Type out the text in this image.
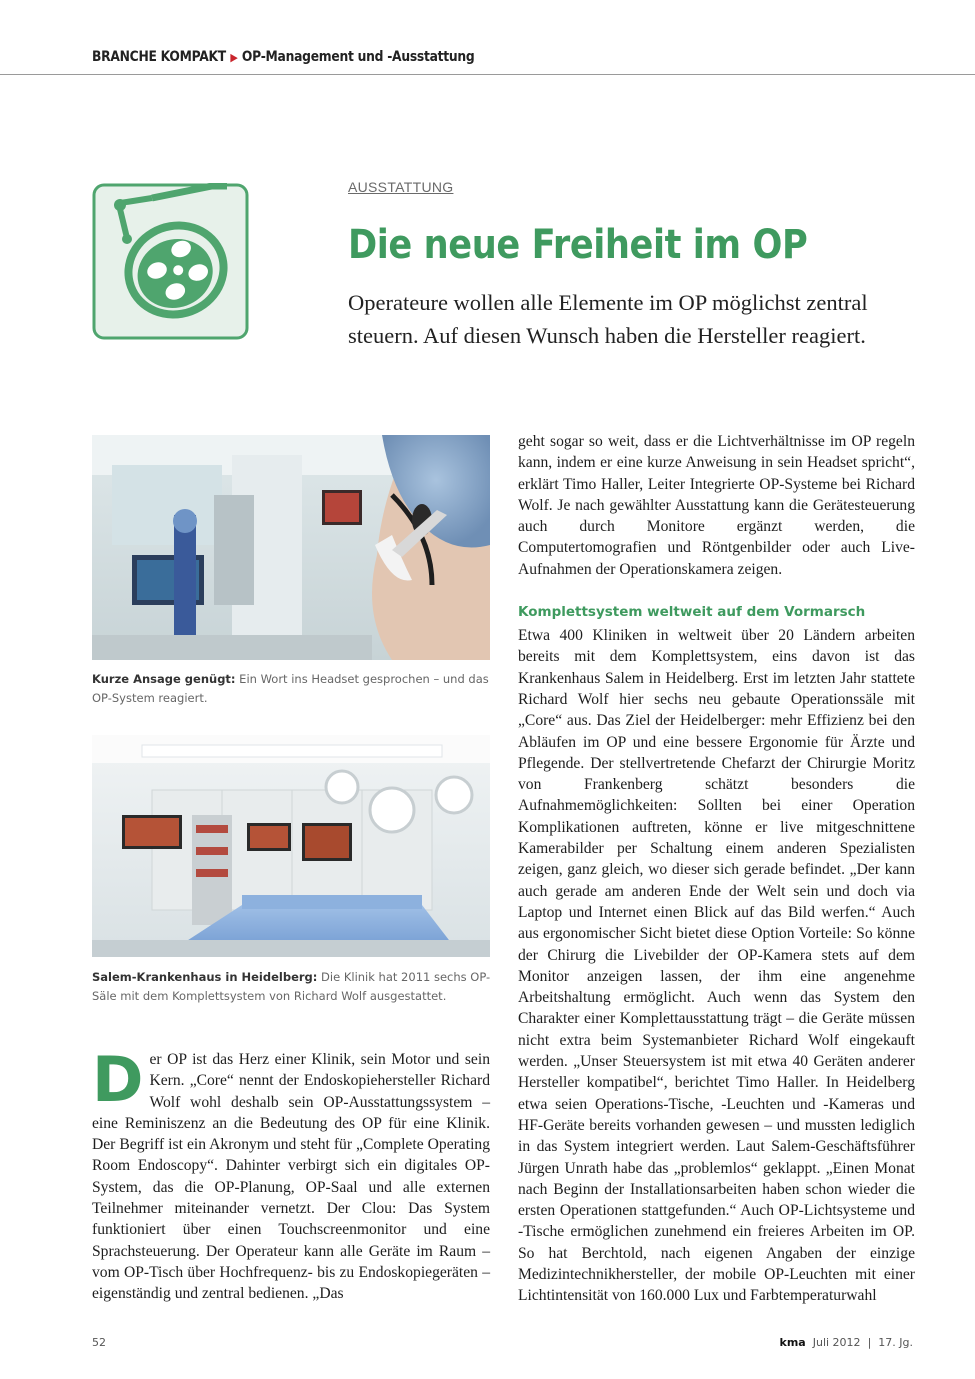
BRANCHE KOMPAKT ▶ OP-Management und -Ausstattung
AUSSTATTUNG
Die neue Freiheit im OP
Operateure wollen alle Elemente im OP möglichst zentral steuern. Auf diesen Wunsch haben die Hersteller reagiert.
Kurze Ansage genügt: Ein Wort ins Headset gesprochen – und das OP-System reagiert.
Salem-Krankenhaus in Heidelberg: Die Klinik hat 2011 sechs OP-Säle mit dem Komplettsystem von Richard Wolf ausgestattet.
D er OP ist das Herz einer Klinik, sein Motor und sein Kern. „Core“ nennt der Endoskopiehersteller Richard Wolf wohl deshalb sein OP-Ausstattungssystem – eine Reminiszenz an die Bedeutung des OP für eine Klinik. Der Begriff ist ein Akronym und steht für „Complete Operating Room Endoscopy“. Dahinter verbirgt sich ein digitales OP-System, das die OP-Planung, OP-Saal und alle externen Teilnehmer miteinander vernetzt. Der Clou: Das System funktioniert über einen Touchscreenmonitor und eine Sprachsteuerung. Der Operateur kann alle Geräte im Raum – vom OP-Tisch über Hochfrequenz- bis zu Endoskopiegeräten – eigenständig und zentral bedienen. „Das

geht sogar so weit, dass er die Lichtverhältnisse im OP regeln kann, indem er eine kurze Anweisung in sein Headset spricht“, erklärt Timo Haller, Leiter Integrierte OP-Systeme bei Richard Wolf. Je nach gewählter Ausstattung kann die Gerätesteuerung auch durch Monitore ergänzt werden, die Computertomografien und Röntgenbilder oder auch Live-Aufnahmen der Operationskamera zeigen.

Komplettsystem weltweit auf dem Vormarsch

Etwa 400 Kliniken in weltweit über 20 Ländern arbeiten bereits mit dem Komplettsystem, eins davon ist das Krankenhaus Salem in Heidelberg. Erst im letzten Jahr stattete Richard Wolf hier sechs neu gebaute Operationssäle mit „Core“ aus. Das Ziel der Heidelberger: mehr Effizienz bei den Abläufen im OP und eine bessere Ergonomie für Ärzte und Pflegende. Der stellvertretende Chefarzt der Chirurgie Moritz von Frankenberg schätzt besonders die Aufnahmemöglichkeiten: Sollten bei einer Operation Komplikationen auftreten, könne er live mitgeschnittene Kamerabilder per Schaltung einem anderen Spezialisten zeigen, ganz gleich, wo dieser sich gerade befindet. „Der kann auch gerade am anderen Ende der Welt sein und doch via Laptop und Internet einen Blick auf das Bild werfen.“ Auch aus ergonomischer Sicht bietet diese Option Vorteile: So könne der Chirurg die Livebilder der OP-Kamera stets auf dem Monitor anzeigen lassen, der ihm eine angenehme Arbeitshaltung ermöglicht. Auch wenn das System den Charakter einer Komplettausstattung trägt – die Geräte müssen nicht extra beim Systemanbieter Richard Wolf eingekauft werden. „Unser Steuersystem ist mit etwa 40 Geräten anderer Hersteller kompatibel“, berichtet Timo Haller. In Heidelberg etwa seien Operations-Tische, -Leuchten und -Kameras und HF-Geräte bereits vorhanden gewesen – und mussten lediglich in das System integriert werden. Laut Salem-Geschäftsführer Jürgen Unrath habe das „problemlos“ geklappt. „Einen Monat nach Beginn der Installationsarbeiten haben schon wieder die ersten Operationen stattgefunden.“ Auch OP-Lichtsysteme und -Tische ermöglichen zunehmend ein freieres Arbeiten im OP. So hat Berchtold, nach eigenen Angaben der einzige Medizintechnikhersteller, der mobile OP-Leuchten mit einer Lichtintensität von 160.000 Lux und Farbtemperaturwahl

52	kma Juli 2012 | 17. Jg.
